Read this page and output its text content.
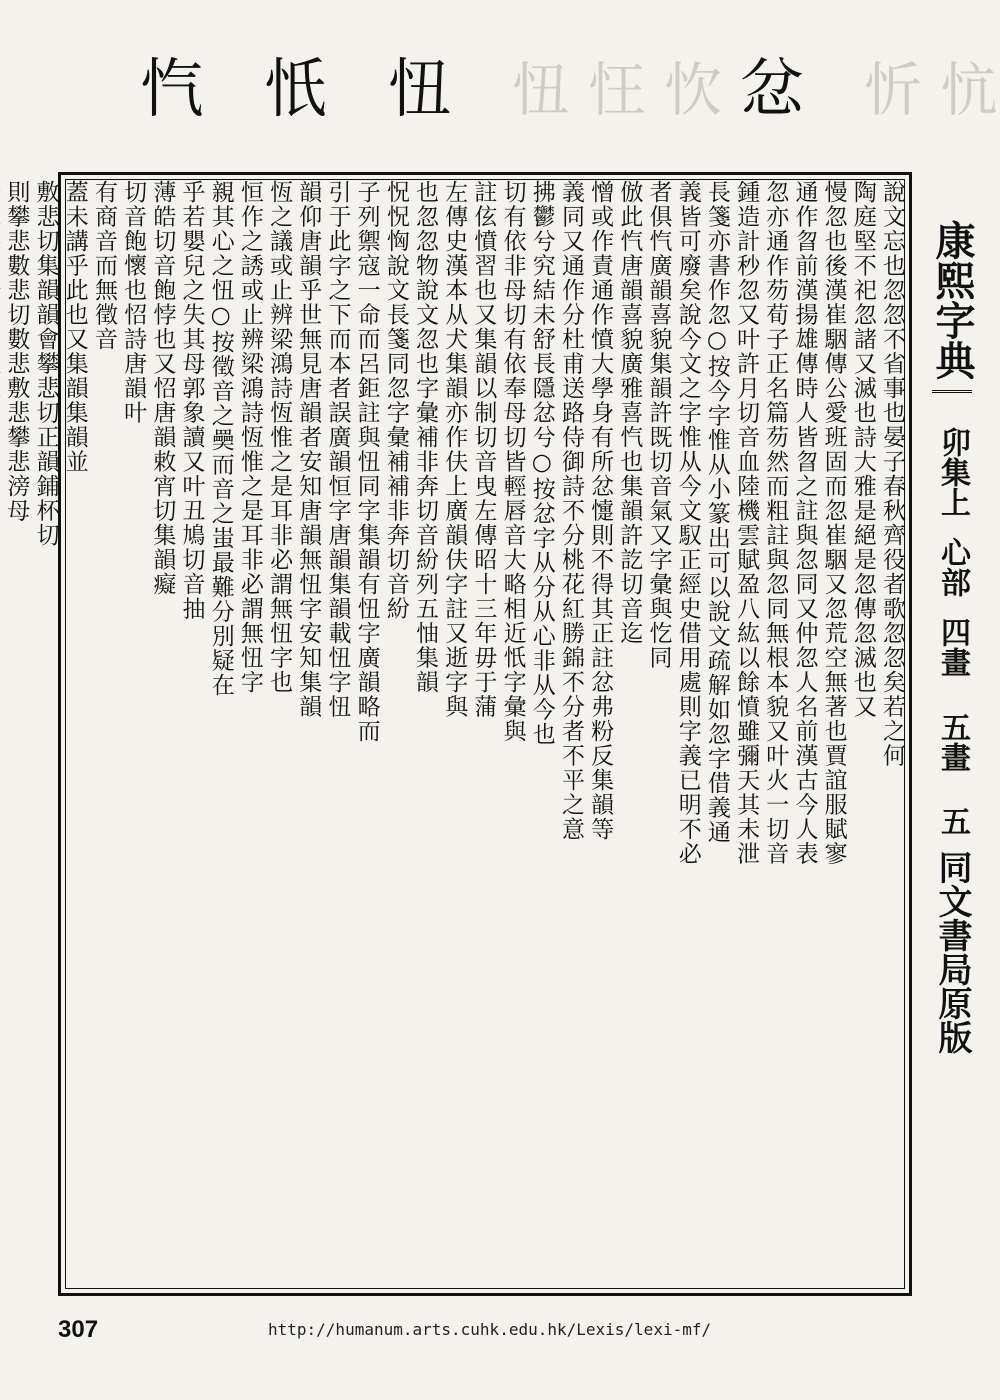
忾 忯 忸 忸 忹 忺 忿 忻 忼
說文忘也忽忽不省事也晏子春秋齊役者歌忽忽矣若之何
陶庭堅不祀忽諸又滅也詩大雅是絕是忽傳忽滅也又
慢忽也後漢崔駰傳公愛班固而忽崔駰又忽荒空無著也賈誼服賦寥
通作曶前漢揚雄傳時人皆曶之註與忽同又仲忽人名前漢古今人表
忽亦通作芴荀子正名篇芴然而粗註與忽同無根本貌又叶火一切音
鍾造計秒忽又叶許月切音血陸機雲賦盈八紘以餘憤雖彌天其未泄
長箋亦書作忽○按今字惟从小篆出可以說文疏解如忽字借義通
義皆可廢矣說今文之字惟从今文馭正經史借用處則字義已明不必
者俱忾廣韻喜貌集韻許既切音氣又字彙與忔同
倣此忾唐韻喜貌廣雅喜忾也集韻許訖切音迄
憎或作責通作憤大學身有所忿懥則不得其正註忿弗粉反集韻等
義同又通作分杜甫送路侍御詩不分桃花紅勝錦不分者不平之意
拂鬱兮究結未舒長隱忿兮○按忿字从分从心非从今也
切有依非母切有依奉母切皆輕唇音大略相近忯字彙與
註伭憤習也又集韻以制切音曳左傳昭十三年毋于蒲
左傳史漢本从犬集韻亦作伕上廣韻伕字註又逝字與
也忽忽物說文忽也字彙補非奔切音紛列五怞集韻
怳怳恟說文長箋同忽字彙補補非奔切音紛
子列禦寇一命而呂鉅註與忸同字集韻有忸字廣韻略而
引于此字之下而本者誤廣韻恒字唐韻集韻載忸字忸
韻仰唐韻乎世無見唐韻者安知唐韻無忸字安知集韻
恆之議或止辨梁鴻詩恆惟之是耳非必謂無忸字也
恒作之誘或止辨梁鴻詩恆惟之是耳非必謂無忸字
親其心之忸○按徵音之奰而音之蚩最難分別疑在
乎若嬰兒之失其母郭象讀又叶丑鳩切音抽
薄皓切音飽悖也又怊唐韻敕宵切集韻癡
切音飽懷也怊詩唐韻叶
有商音而無徵音
蓋未講乎此也又集韻集韻並
敷悲切集韻韻會攀悲切正韻鋪杯切
則攀悲數悲切數悲敷悲攀悲滂母	康熙字典
卯集上
心部
四畫 五畫
五
同文書局原版
307	http://humanum.arts.cuhk.edu.hk/Lexis/lexi-mf/
